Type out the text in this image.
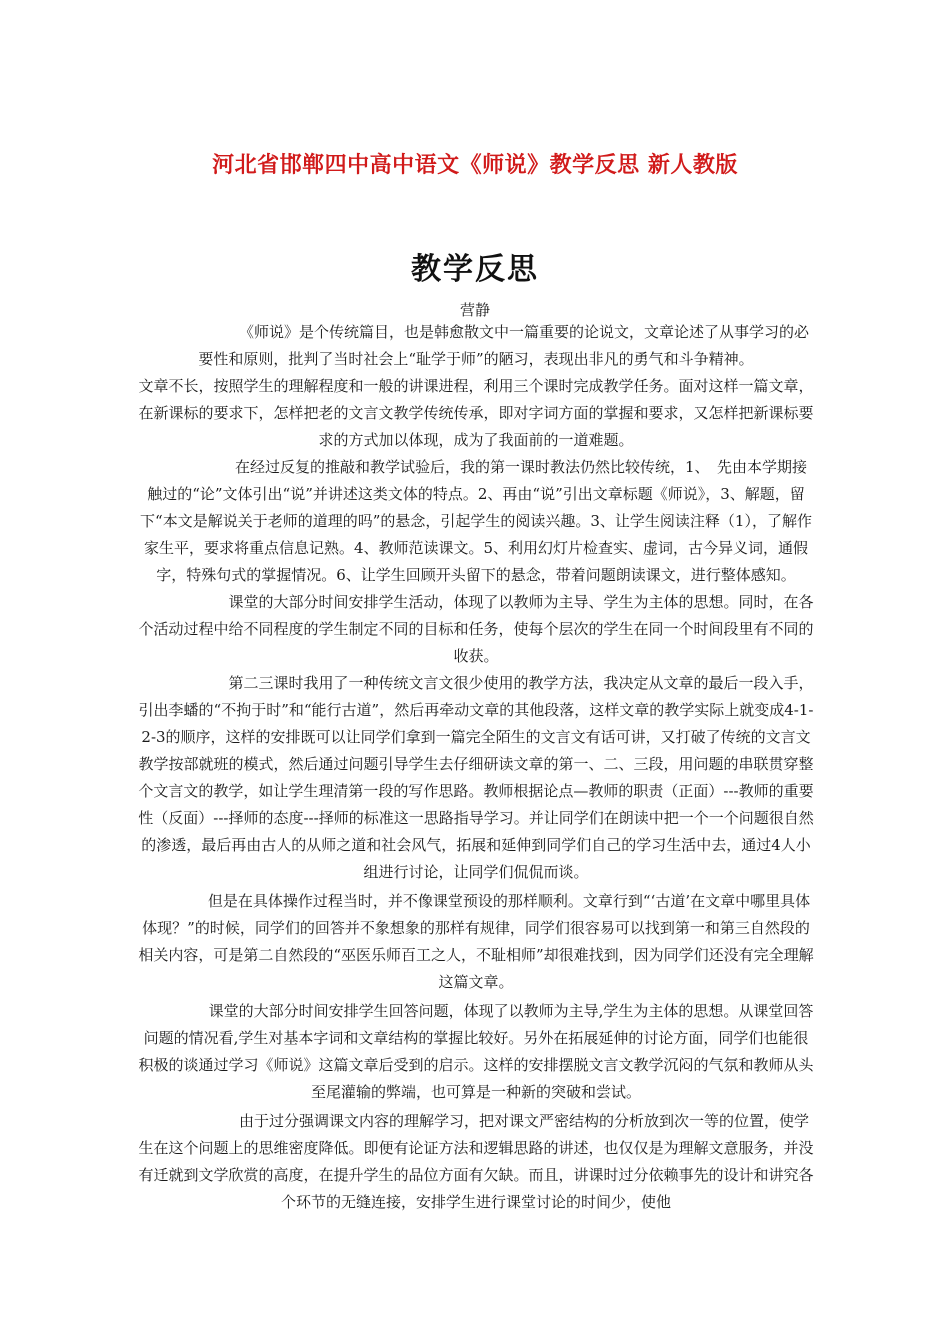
河北省邯郸四中高中语文《师说》教学反思 新人教版
教学反思
营静

《师说》是个传统篇目，也是韩愈散文中一篇重要的论说文，文章论述了从事学习的必要性和原则，批判了当时社会上“耻学于师”的陋习，表现出非凡的勇气和斗争精神。

文章不长，按照学生的理解程度和一般的讲课进程，利用三个课时完成教学任务。面对这样一篇文章，在新课标的要求下，怎样把老的文言文教学传统传承，即对字词方面的掌握和要求，又怎样把新课标要求的方式加以体现，成为了我面前的一道难题。

在经过反复的推敲和教学试验后，我的第一课时教法仍然比较传统，1、　先由本学期接触过的“论”文体引出“说”并讲述这类文体的特点。2、再由“说”引出文章标题《师说》，3、解题，留下“本文是解说关于老师的道理的吗”的悬念，引起学生的阅读兴趣。3、让学生阅读注释（1），了解作家生平，要求将重点信息记熟。4、教师范读课文。5、利用幻灯片检查实、虚词，古今异义词，通假字，特殊句式的掌握情况。6、让学生回顾开头留下的悬念，带着问题朗读课文，进行整体感知。

课堂的大部分时间安排学生活动，体现了以教师为主导、学生为主体的思想。同时，在各个活动过程中给不同程度的学生制定不同的目标和任务，使每个层次的学生在同一个时间段里有不同的收获。

第二三课时我用了一种传统文言文很少使用的教学方法，我决定从文章的最后一段入手，引出李蟠的“不拘于时”和“能行古道”，然后再牵动文章的其他段落，这样文章的教学实际上就变成4-1-2-3的顺序，这样的安排既可以让同学们拿到一篇完全陌生的文言文有话可讲，又打破了传统的文言文教学按部就班的模式，然后通过问题引导学生去仔细研读文章的第一、二、三段，用问题的串联贯穿整个文言文的教学，如让学生理清第一段的写作思路。教师根据论点—教师的职责（正面）---教师的重要性（反面）---择师的态度---择师的标准这一思路指导学习。并让同学们在朗读中把一个一个问题很自然的渗透，最后再由古人的从师之道和社会风气，拓展和延伸到同学们自己的学习生活中去，通过4人小组进行讨论，让同学们侃侃而谈。

但是在具体操作过程当时，并不像课堂预设的那样顺利。文章行到“‘古道’在文章中哪里具体体现？”的时候，同学们的回答并不象想象的那样有规律，同学们很容易可以找到第一和第三自然段的相关内容，可是第二自然段的“巫医乐师百工之人，不耻相师”却很难找到，因为同学们还没有完全理解这篇文章。

课堂的大部分时间安排学生回答问题，体现了以教师为主导,学生为主体的思想。从课堂回答问题的情况看,学生对基本字词和文章结构的掌握比较好。另外在拓展延伸的讨论方面，同学们也能很积极的谈通过学习《师说》这篇文章后受到的启示。这样的安排摆脱文言文教学沉闷的气氛和教师从头至尾灌输的弊端，也可算是一种新的突破和尝试。

由于过分强调课文内容的理解学习，把对课文严密结构的分析放到次一等的位置，使学生在这个问题上的思维密度降低。即便有论证方法和逻辑思路的讲述，也仅仅是为理解文意服务，并没有迁就到文学欣赏的高度，在提升学生的品位方面有欠缺。而且，讲课时过分依赖事先的设计和讲究各个环节的无缝连接，安排学生进行课堂讨论的时间少，使他
